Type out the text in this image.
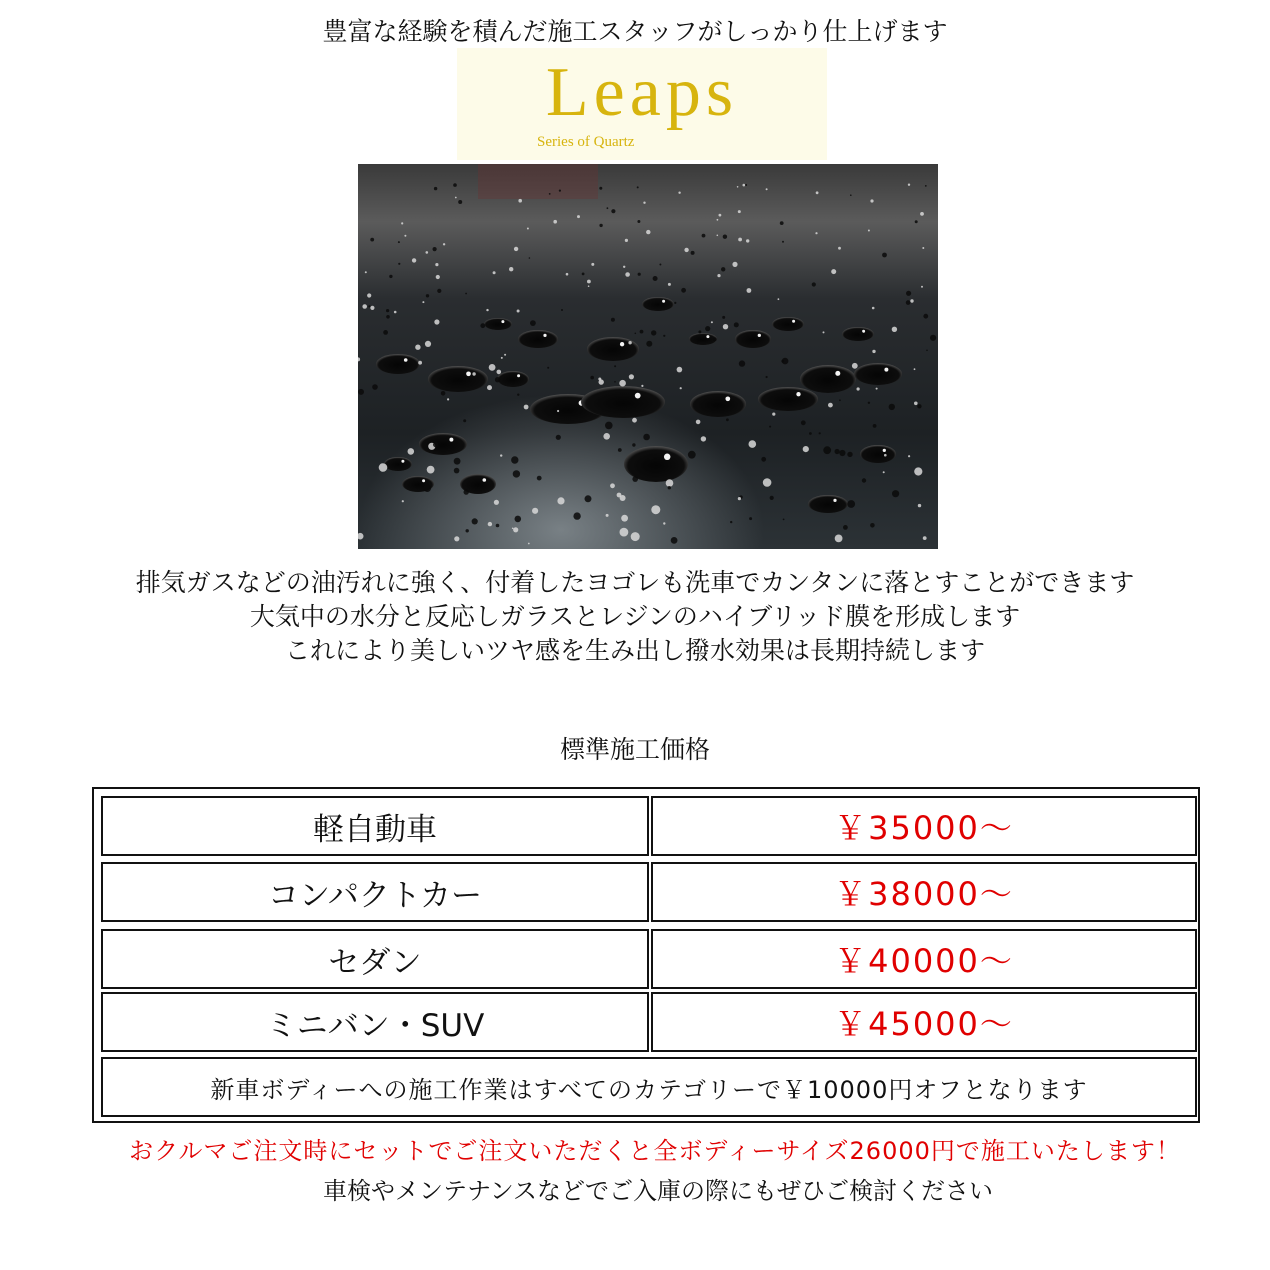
豊富な経験を積んだ施工スタッフがしっかり仕上げます
Leaps
Series of Quartz
排気ガスなどの油汚れに強く、付着したヨゴレも洗車でカンタンに落とすことができます
大気中の水分と反応しガラスとレジンのハイブリッド膜を形成します
これにより美しいツヤ感を生み出し撥水効果は長期持続します
標準施工価格
軽自動車	￥35000～
コンパクトカー	￥38000～
セダン	￥40000～
ミニバン・SUV	￥45000～
新車ボディーへの施工作業はすべてのカテゴリーで￥10000円オフとなります
おクルマご注文時にセットでご注文いただくと全ボディーサイズ26000円で施工いたします！
車検やメンテナンスなどでご入庫の際にもぜひご検討ください
